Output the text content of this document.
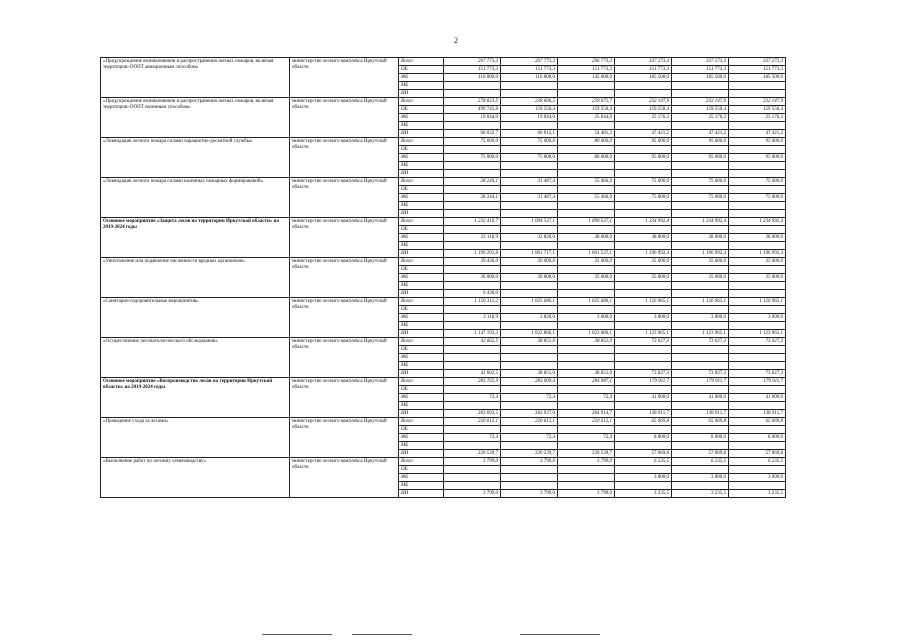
2
«Предупреждение возникновения и распространения лесных пожаров, включая территорию ООПТ авиационным способом»	министерство лесного комплекса Иркутской области	Всего	267 773,3	267 773,3	296 773,3	337 273,3	337 273,3	337 273,3
		ОБ	151 773,3	151 773,3	151 773,3	151 773,3	151 773,3	151 773,3
		ФБ	116 000,0	116 000,0	145 000,0	185 500,0	185 500,0	185 500,0
		МБ						
		ИИ						
«Предупреждение возникновения и распространения лесных пожаров, включая территорию ООПТ наземным способом»	министерство лесного комплекса Иркутской области	Всего	578 823,5	238 606,5	239 075,7	232 147,9	232 147,9	232 147,9
		ОБ	499 745,8	159 550,4	159 550,4	159 550,4	159 550,4	159 550,4
		ФБ	19 044,0	19 044,0	25 044,0	25 176,3	25 176,3	25 176,3
		МБ						
		ИИ	60 032,7	60 012,1	54 481,3	47 421,2	47 421,2	47 421,2
«Ликвидация лесного пожара силами парашютно-десантной службы»	министерство лесного комплекса Иркутской области	Всего	75 000,0	75 000,0	80 000,0	95 000,0	95 000,0	95 000,0
		ОБ						
		ФБ	75 000,0	75 000,0	80 000,0	95 000,0	95 000,0	95 000,0
		МБ						
		ИИ						
«Ликвидация лесного пожара силами наземных пожарных формирований»	министерство лесного комплекса Иркутской области	Всего	28 244,1	31 487,4	55 466,0	75 000,0	75 000,0	75 000,0
		ОБ						
		ФБ	28 244,1	31 487,4	55 466,0	75 000,0	75 000,0	75 000,0
		МБ						
		ИИ						
Основное мероприятие «Защита лесов на территории Иркутской области» на 2019-2024 годы	министерство лесного комплекса Иркутской области	Всего	1 232 410,7	1 094 537,1	1 099 537,1	1 234 992,4	1 234 992,4	1 234 992,4
		ОБ						
		ФБ	33 118,9	32 820,0	38 000,0	38 000,0	38 000,0	38 000,0
		МБ						
		ИИ	1 199 291,8	1 061 717,1	1 061 537,1	1 196 992,4	1 196 992,4	1 196 992,4
«Уничтожение или подавление численности вредных организмов»	министерство лесного комплекса Иркутской области	Всего	39 436,0	30 000,0	35 000,0	35 000,0	35 000,0	35 000,0
		ОБ						
		ФБ	30 000,0	30 000,0	35 000,0	35 000,0	35 000,0	35 000,0
		МБ						
		ИИ	9 436,0					
«Санитарно-оздоровительные мероприятия»	министерство лесного комплекса Иркутской области	Всего	1 150 312,2	1 025 686,1	1 025 686,1	1 126 965,1	1 126 965,1	1 126 965,1
		ОБ						
		ФБ	3 118,9	2 820,0	3 000,0	3 000,0	3 000,0	3 000,0
		МБ						
		ИИ	1 147 193,3	1 022 866,1	1 022 686,1	1 123 965,1	1 123 965,1	1 123 965,1
«Осуществление лесопатологического обследования»	министерство лесного комплекса Иркутской области	Всего	42 662,5	38 851,0	38 851,0	73 027,3	73 027,3	73 027,3
		ОБ						
		ФБ						
		МБ						
		ИИ	42 662,5	38 851,0	38 851,0	73 027,3	73 027,3	73 027,3
Основное мероприятие «Воспроизводство лесов на территории Иркутской области» на 2019-2024 годы	министерство лесного комплекса Иркутской области	Всего	283 765,9	283 009,4	284 987,1	179 911,7	179 911,7	179 911,7
		ОБ						
		ФБ	72,4	72,4	72,4	41 000,0	41 000,0	41 000,0
		МБ						
		ИИ	283 693,5	282 937,0	284 914,7	138 911,7	138 911,7	138 911,7
«Проведение ухода за лесами»	министерство лесного комплекса Иркутской области	Всего	220 612,1	220 612,1	220 612,1	65 069,8	65 069,8	65 069,8
		ОБ						
		ФБ	72,4	72,4	72,4	8 000,0	8 000,0	8 000,0
		МБ						
		ИИ	220 539,7	220 539,7	220 539,7	57 069,8	57 069,8	57 069,8
«Выполнение работ по лесному семеноводству»	министерство лесного комплекса Иркутской области	Всего	3 799,0	3 799,0	3 799,0	6 235,5	6 235,5	6 235,5
		ОБ						
		ФБ				3 000,0	3 000,0	3 000,0
		МБ						
		ИИ	3 799,0	3 799,0	3 799,0	3 235,5	3 235,5	3 235,5
